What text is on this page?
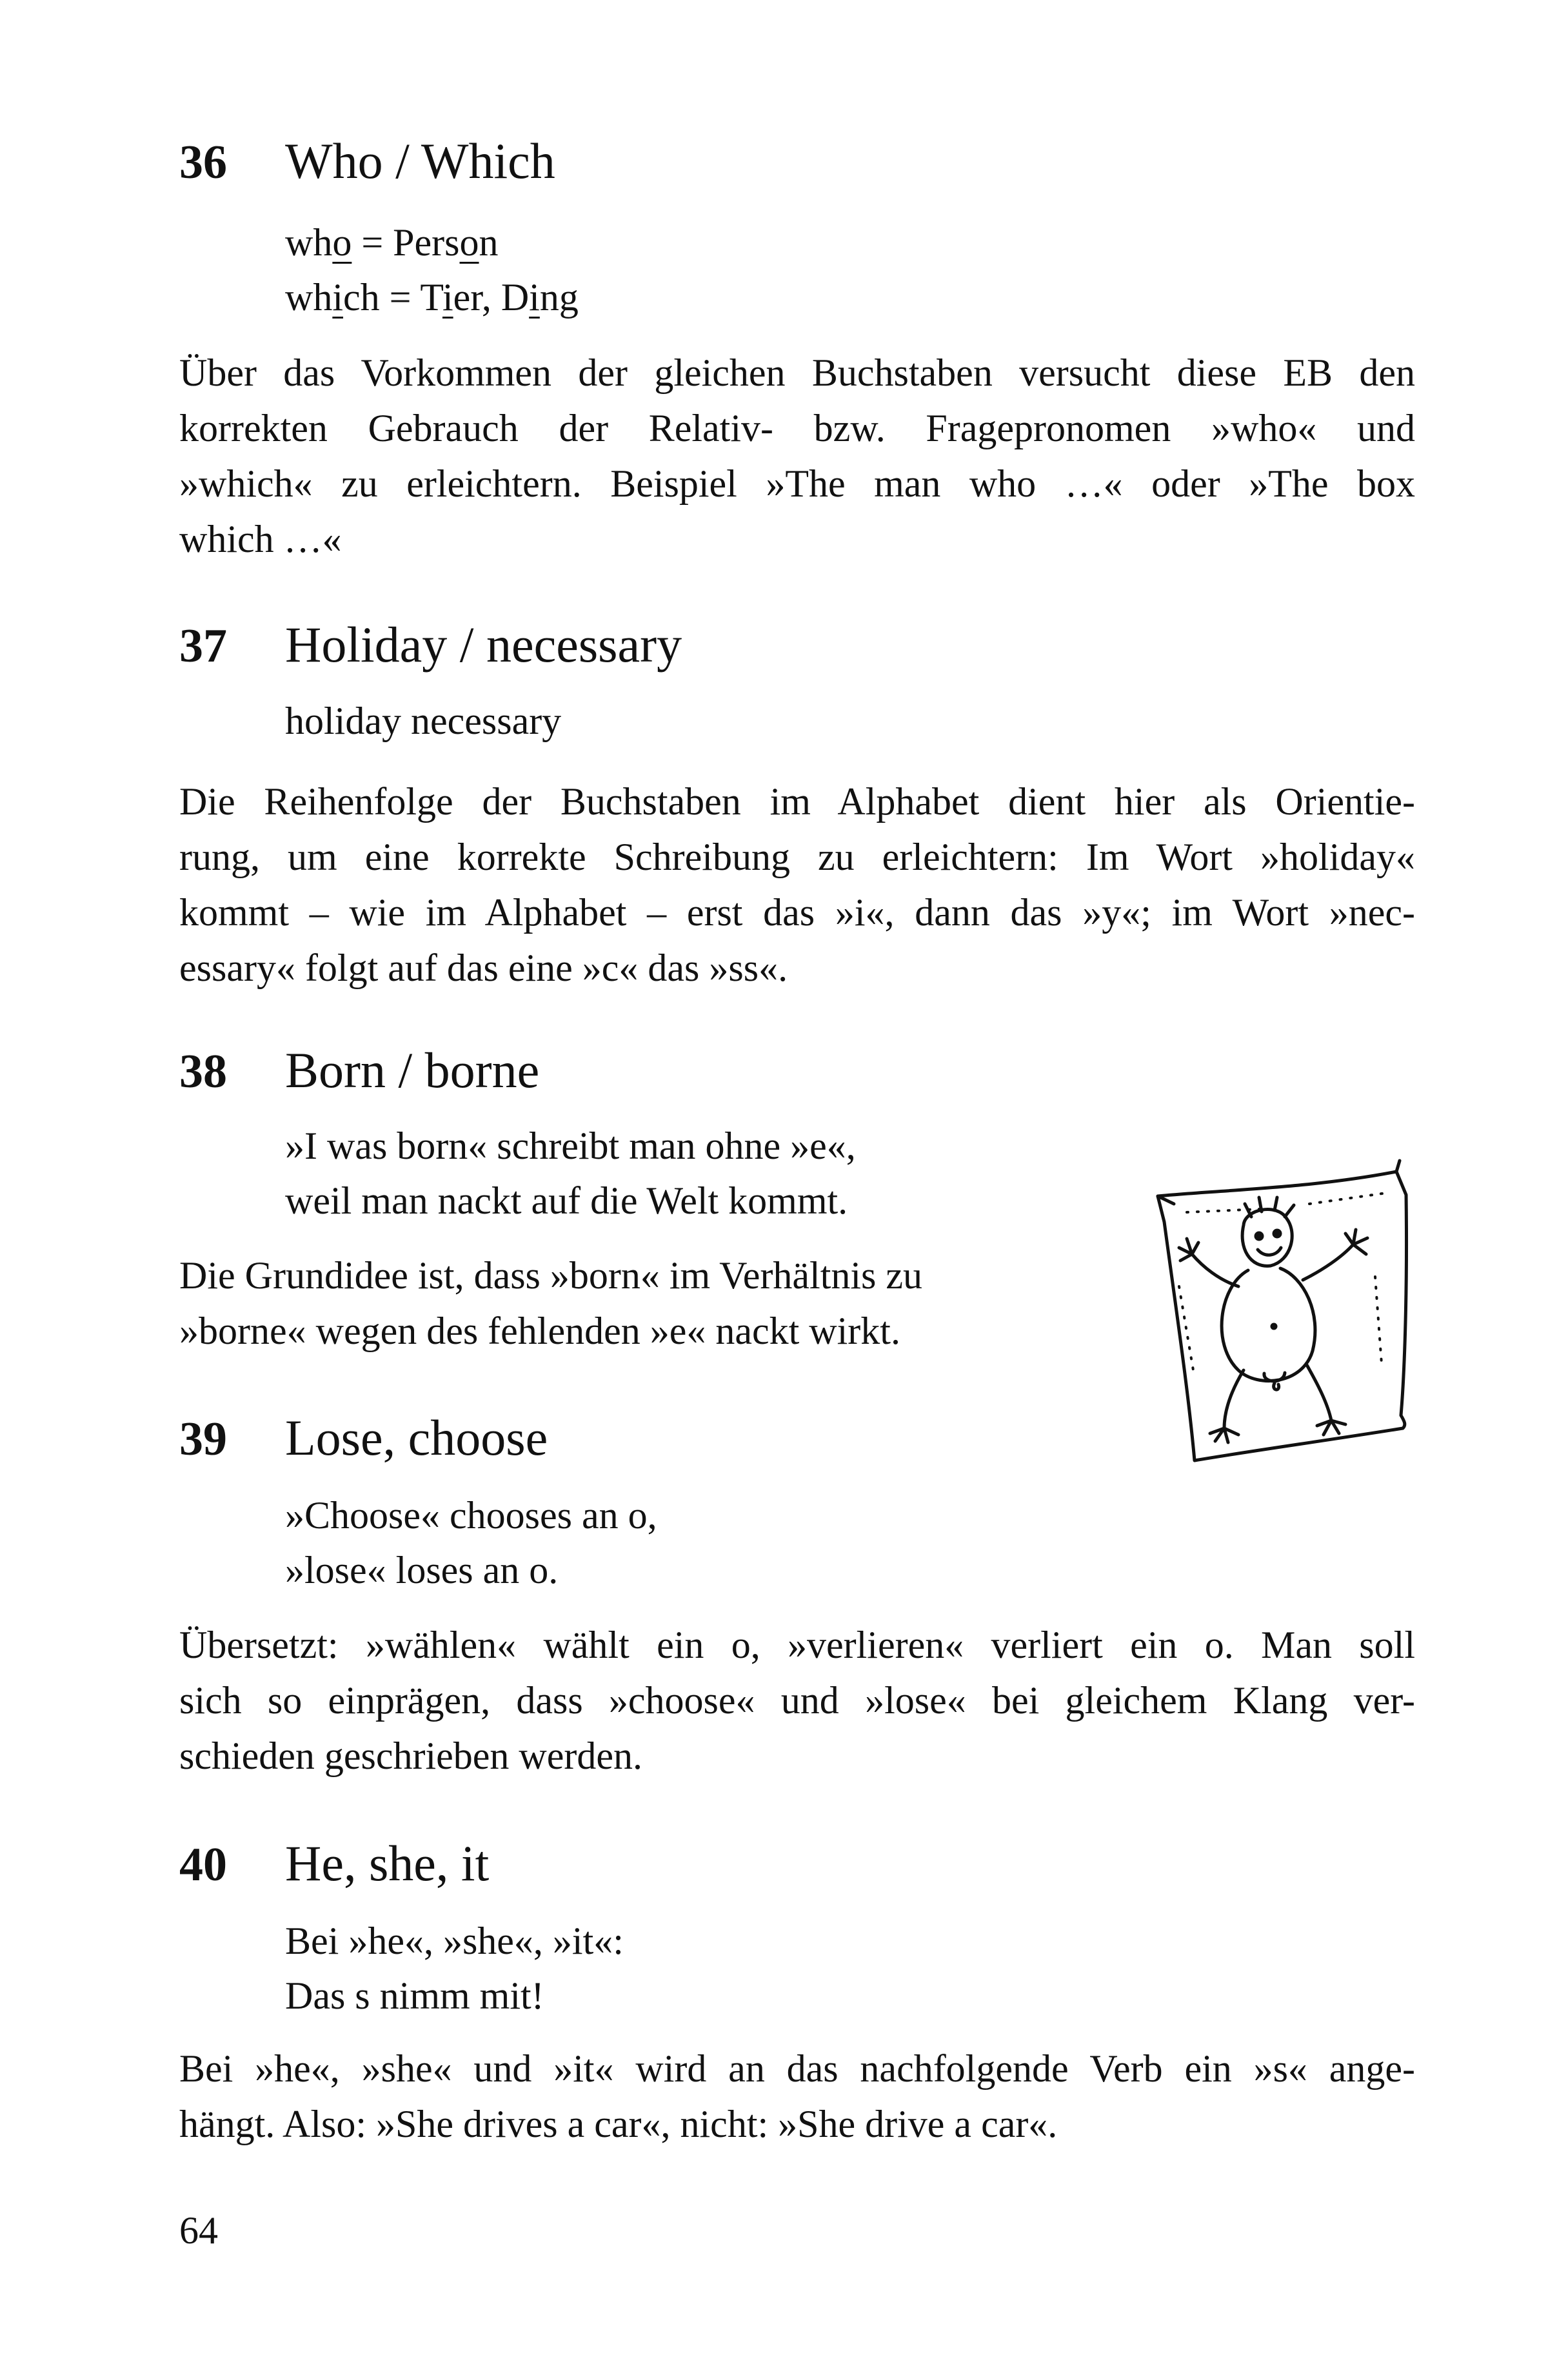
36	Who / Which
who = Person
which = Tier, Ding
Über das Vorkommen der gleichen Buchstaben versucht diese EB den
korrekten Gebrauch der Relativ- bzw. Fragepronomen »who« und
»which« zu erleichtern. Beispiel »The man who …« oder »The box
which …«
37	Holiday / necessary
holiday necessary
Die Reihenfolge der Buchstaben im Alphabet dient hier als Orientie-
rung, um eine korrekte Schreibung zu erleichtern: Im Wort »holiday«
kommt – wie im Alphabet – erst das »i«, dann das »y«; im Wort »nec-
essary« folgt auf das eine »c« das »ss«.
38	Born / borne
»I was born« schreibt man ohne »e«,
weil man nackt auf die Welt kommt.
Die Grundidee ist, dass »born« im Verhältnis zu
»borne« wegen des fehlenden »e« nackt wirkt.
39	Lose, choose
»Choose« chooses an o,
»lose« loses an o.
Übersetzt: »wählen« wählt ein o, »verlieren« verliert ein o. Man soll
sich so einprägen, dass »choose« und »lose« bei gleichem Klang ver-
schieden geschrieben werden.
40	He, she, it
Bei »he«, »she«, »it«:
Das s nimm mit!
Bei »he«, »she« und »it« wird an das nachfolgende Verb ein »s« ange-
hängt. Also: »She drives a car«, nicht: »She drive a car«.
64
